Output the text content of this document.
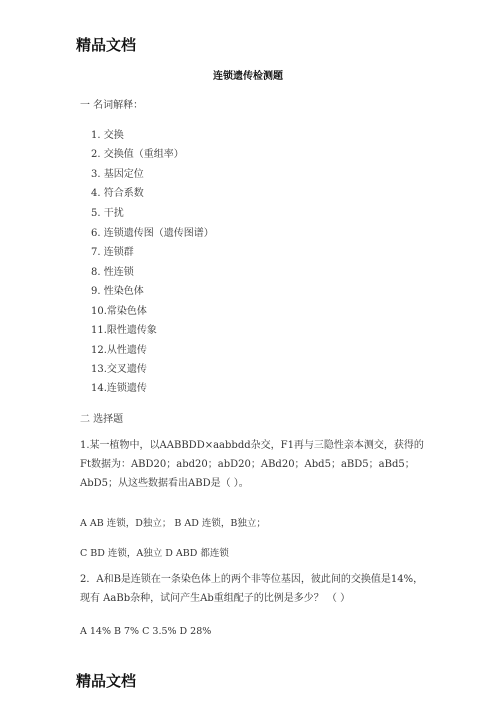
精品文档
连锁遗传检测题
一 名词解释：
1. 交换
2. 交换值（重组率）
3. 基因定位
4. 符合系数
5. 干扰
6. 连锁遗传图（遗传图谱）
7. 连锁群
8. 性连锁
9. 性染色体
10.常染色体
11.限性遗传象
12.从性遗传
13.交叉遗传
14.连锁遗传
二 选择题
1.某一植物中，以AABBDD×aabbdd杂交，F1再与三隐性亲本测交，获得的Ft数据为：ABD20；abd20；abD20；ABd20；Abd5；aBD5；aBd5；AbD5；从这些数据看出ABD是（ ）。
A AB 连锁，D独立； B AD 连锁，B独立；
C BD 连锁，A独立 D ABD 都连锁
2．A和B是连锁在一条染色体上的两个非等位基因，彼此间的交换值是14%，现有 AaBb杂种，试问产生Ab重组配子的比例是多少？ （ ）
A 14% B 7% C 3.5% D 28%
精品文档
